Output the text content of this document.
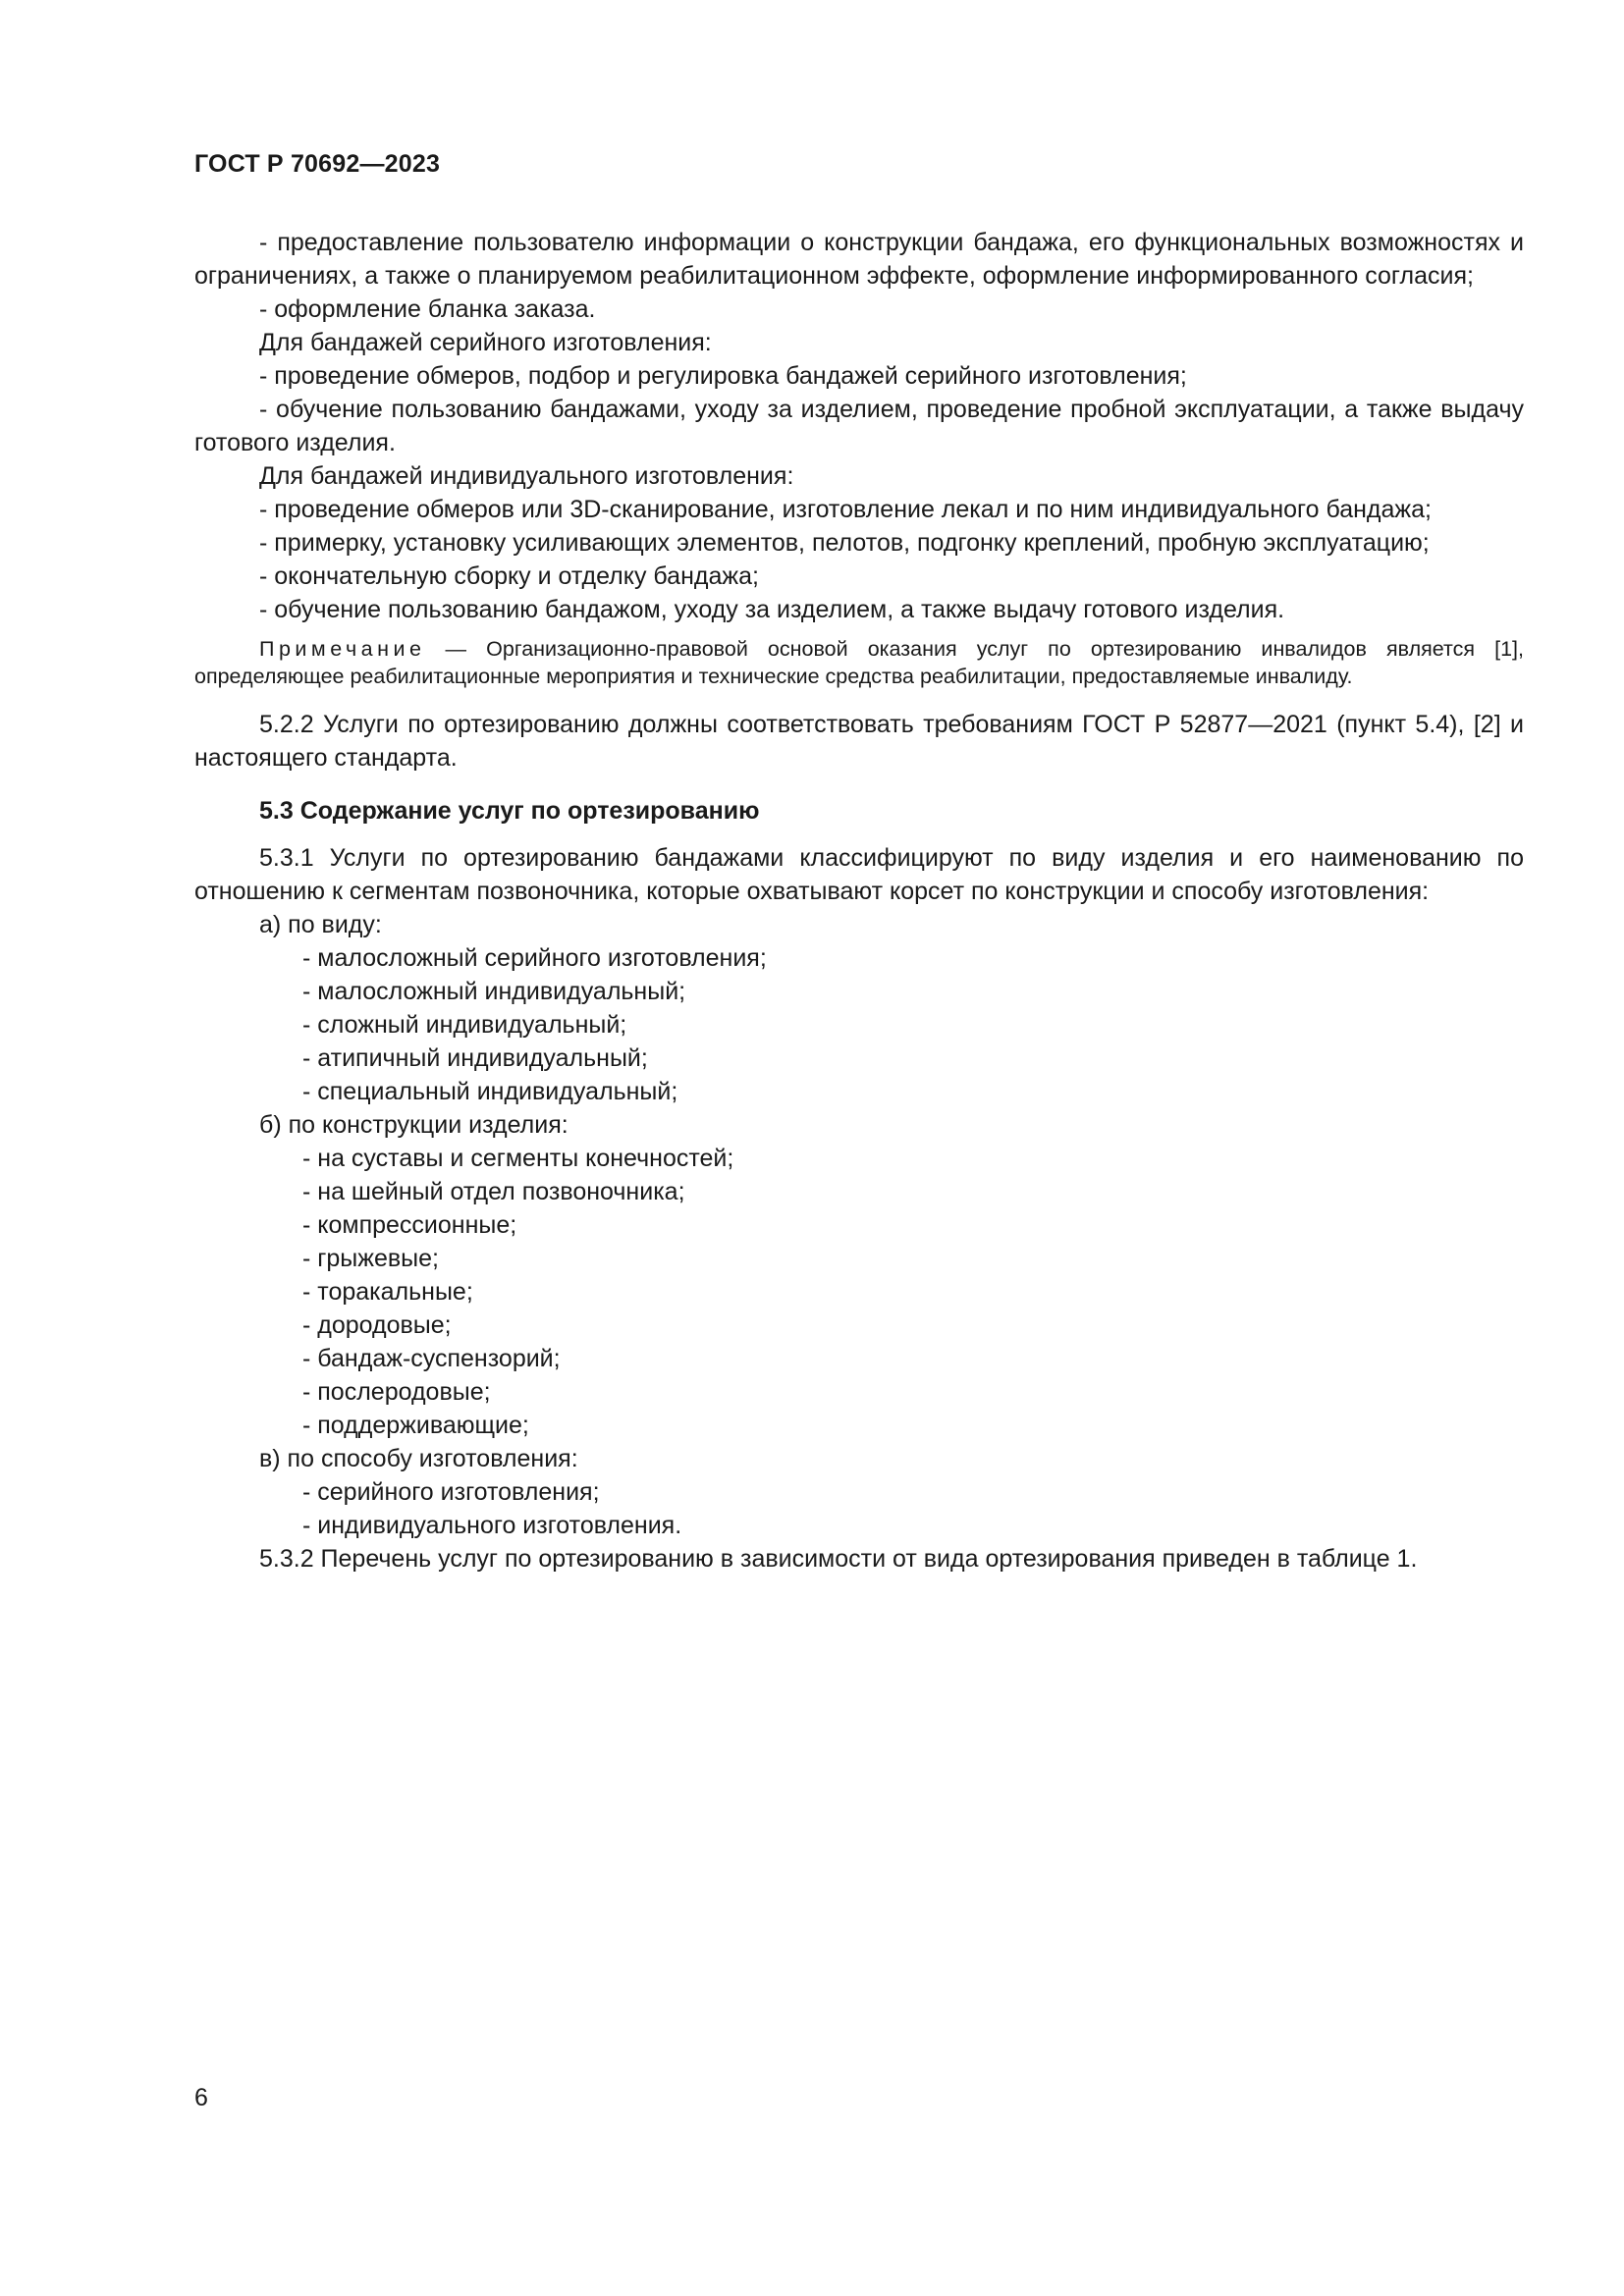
ГОСТ Р 70692—2023

- предоставление пользователю информации о конструкции бандажа, его функциональных возможностях и ограничениях, а также о планируемом реабилитационном эффекте, оформление информированного согласия;

- оформление бланка заказа.

Для бандажей серийного изготовления:

- проведение обмеров, подбор и регулировка бандажей серийного изготовления;

- обучение пользованию бандажами, уходу за изделием, проведение пробной эксплуатации, а также выдачу готового изделия.

Для бандажей индивидуального изготовления:

- проведение обмеров или 3D-сканирование, изготовление лекал и по ним индивидуального бандажа;

- примерку, установку усиливающих элементов, пелотов, подгонку креплений, пробную эксплуатацию;

- окончательную сборку и отделку бандажа;

- обучение пользованию бандажом, уходу за изделием, а также выдачу готового изделия.

Примечание — Организационно-правовой основой оказания услуг по ортезированию инвалидов является [1], определяющее реабилитационные мероприятия и технические средства реабилитации, предоставляемые инвалиду.

5.2.2 Услуги по ортезированию должны соответствовать требованиям ГОСТ Р 52877—2021 (пункт 5.4), [2] и настоящего стандарта.

5.3 Содержание услуг по ортезированию

5.3.1 Услуги по ортезированию бандажами классифицируют по виду изделия и его наименованию по отношению к сегментам позвоночника, которые охватывают корсет по конструкции и способу изготовления:

а) по виду:

- малосложный серийного изготовления;

- малосложный индивидуальный;

- сложный индивидуальный;

- атипичный индивидуальный;

- специальный индивидуальный;

б) по конструкции изделия:

- на суставы и сегменты конечностей;

- на шейный отдел позвоночника;

- компрессионные;

- грыжевые;

- торакальные;

- дородовые;

- бандаж-суспензорий;

- послеродовые;

- поддерживающие;

в) по способу изготовления:

- серийного изготовления;

- индивидуального изготовления.

5.3.2 Перечень услуг по ортезированию в зависимости от вида ортезирования приведен в таблице 1.

6
